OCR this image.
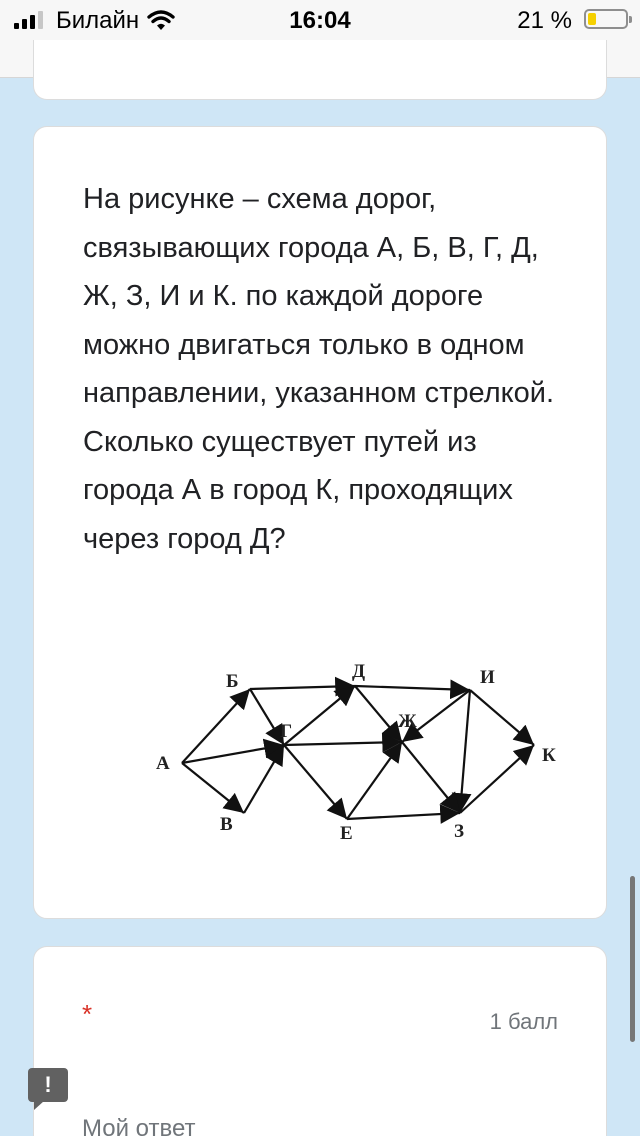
Билайн	16:04	21 %
На рисунке – схема дорог, связывающих города А, Б, В, Г, Д, Ж, З, И и К. по каждой дороге можно двигаться только в одном направлении, указанном стрелкой. Сколько существует путей из города А в город К, проходящих через город Д?
А
Б
В
Г
Д
Ж
И
Е	З
К
*	1 балл
Мой ответ
!
